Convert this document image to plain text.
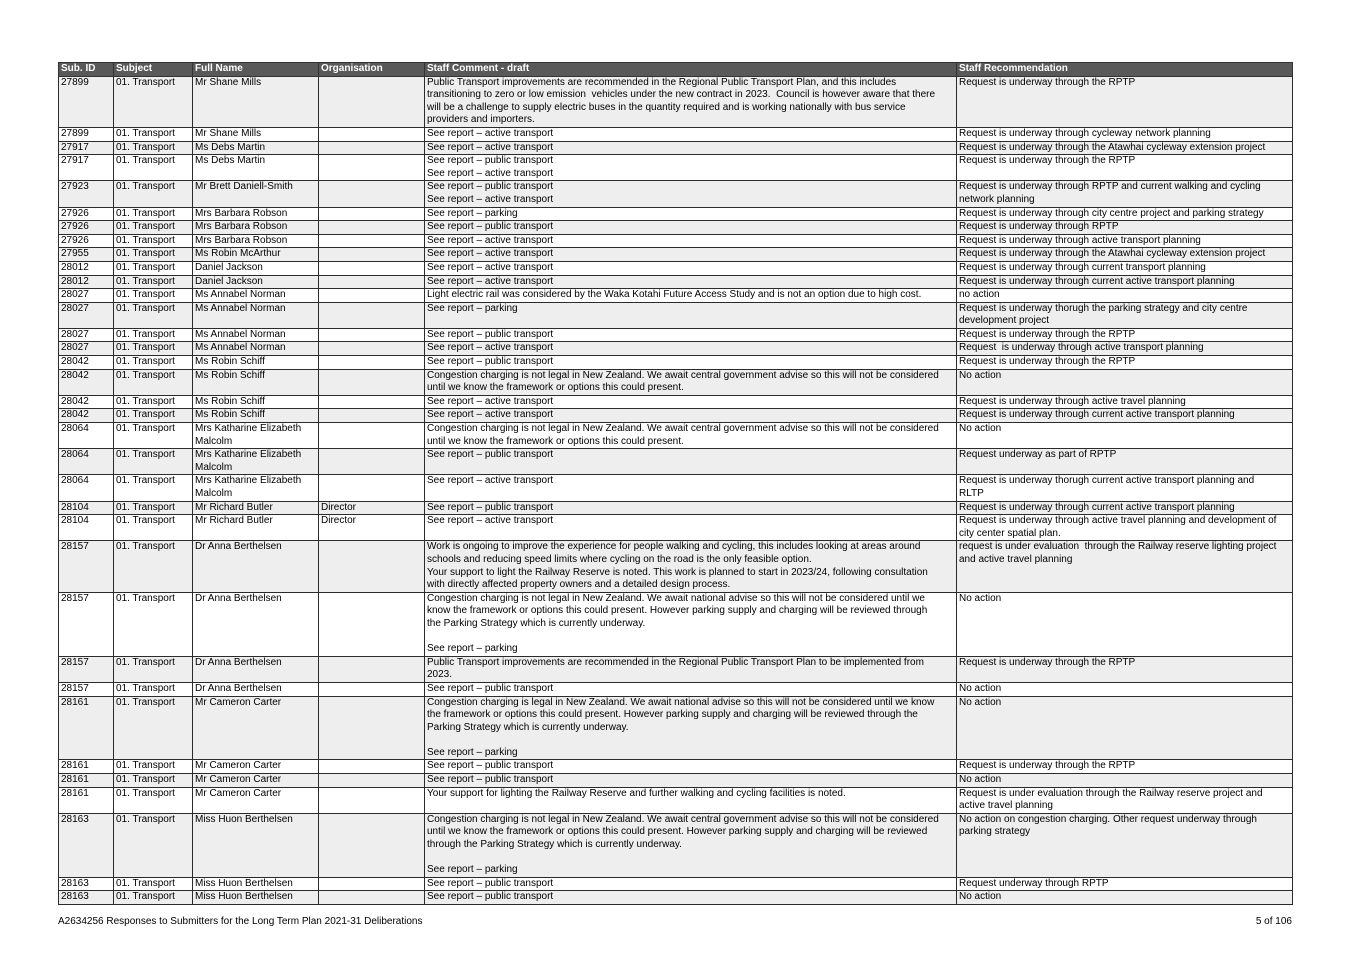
Sub. ID	Subject	Full Name	Organisation	Staff Comment - draft	Staff Recommendation
27899	01. Transport	Mr Shane Mills		Public Transport improvements are recommended in the Regional Public Transport Plan, and this includes
transitioning to zero or low emission  vehicles under the new contract in 2023.  Council is however aware that there
will be a challenge to supply electric buses in the quantity required and is working nationally with bus service
providers and importers.	Request is underway through the RPTP
27899	01. Transport	Mr Shane Mills		See report – active transport	Request is underway through cycleway network planning
27917	01. Transport	Ms Debs Martin		See report – active transport	Request is underway through the Atawhai cycleway extension project
27917	01. Transport	Ms Debs Martin		See report – public transport
See report – active transport	Request is underway through the RPTP
27923	01. Transport	Mr Brett Daniell-Smith		See report – public transport
See report – active transport	Request is underway through RPTP and current walking and cycling
network planning
27926	01. Transport	Mrs Barbara Robson		See report – parking	Request is underway through city centre project and parking strategy
27926	01. Transport	Mrs Barbara Robson		See report – public transport	Request is underway through RPTP
27926	01. Transport	Mrs Barbara Robson		See report – active transport	Request is underway through active transport planning
27955	01. Transport	Ms Robin McArthur		See report – active transport	Request is underway through the Atawhai cycleway extension project
28012	01. Transport	Daniel Jackson		See report – active transport	Request is underway through current transport planning
28012	01. Transport	Daniel Jackson		See report – active transport	Request is underway through current active transport planning
28027	01. Transport	Ms Annabel Norman		Light electric rail was considered by the Waka Kotahi Future Access Study and is not an option due to high cost.	no action
28027	01. Transport	Ms Annabel Norman		See report – parking	Request is underway thorugh the parking strategy and city centre
development project
28027	01. Transport	Ms Annabel Norman		See report – public transport	Request is underway through the RPTP
28027	01. Transport	Ms Annabel Norman		See report – active transport	Request  is underway through active transport planning
28042	01. Transport	Ms Robin Schiff		See report – public transport	Request is underway through the RPTP
28042	01. Transport	Ms Robin Schiff		Congestion charging is not legal in New Zealand. We await central government advise so this will not be considered
until we know the framework or options this could present.	No action
28042	01. Transport	Ms Robin Schiff		See report – active transport	Request is underway through active travel planning
28042	01. Transport	Ms Robin Schiff		See report – active transport	Request is underway through current active transport planning
28064	01. Transport	Mrs Katharine Elizabeth
Malcolm		Congestion charging is not legal in New Zealand. We await central government advise so this will not be considered
until we know the framework or options this could present.	No action
28064	01. Transport	Mrs Katharine Elizabeth
Malcolm		See report – public transport	Request underway as part of RPTP
28064	01. Transport	Mrs Katharine Elizabeth
Malcolm		See report – active transport	Request is underway thorugh current active transport planning and
RLTP
28104	01. Transport	Mr Richard Butler	Director	See report – public transport	Request is underway through current active transport planning
28104	01. Transport	Mr Richard Butler	Director	See report – active transport	Request is underway through active travel planning and development of
city center spatial plan.
28157	01. Transport	Dr Anna Berthelsen		Work is ongoing to improve the experience for people walking and cycling, this includes looking at areas around
schools and reducing speed limits where cycling on the road is the only feasible option.
Your support to light the Railway Reserve is noted. This work is planned to start in 2023/24, following consultation
with directly affected property owners and a detailed design process.	request is under evaluation  through the Railway reserve lighting project
and active travel planning
28157	01. Transport	Dr Anna Berthelsen		Congestion charging is not legal in New Zealand. We await national advise so this will not be considered until we
know the framework or options this could present. However parking supply and charging will be reviewed through
the Parking Strategy which is currently underway.

See report – parking	No action
28157	01. Transport	Dr Anna Berthelsen		Public Transport improvements are recommended in the Regional Public Transport Plan to be implemented from
2023.	Request is underway through the RPTP
28157	01. Transport	Dr Anna Berthelsen		See report – public transport	No action
28161	01. Transport	Mr Cameron Carter		Congestion charging is legal in New Zealand. We await national advise so this will not be considered until we know
the framework or options this could present. However parking supply and charging will be reviewed through the
Parking Strategy which is currently underway.

See report – parking	No action
28161	01. Transport	Mr Cameron Carter		See report – public transport	Request is underway through the RPTP
28161	01. Transport	Mr Cameron Carter		See report – public transport	No action
28161	01. Transport	Mr Cameron Carter		Your support for lighting the Railway Reserve and further walking and cycling facilities is noted.	Request is under evaluation through the Railway reserve project and
active travel planning
28163	01. Transport	Miss Huon Berthelsen		Congestion charging is not legal in New Zealand. We await central government advise so this will not be considered
until we know the framework or options this could present. However parking supply and charging will be reviewed
through the Parking Strategy which is currently underway.

See report – parking	No action on congestion charging. Other request underway through
parking strategy
28163	01. Transport	Miss Huon Berthelsen		See report – public transport	Request underway through RPTP
28163	01. Transport	Miss Huon Berthelsen		See report – public transport	No action
A2634256 Responses to Submitters for the Long Term Plan 2021-31 Deliberations	5 of 106
